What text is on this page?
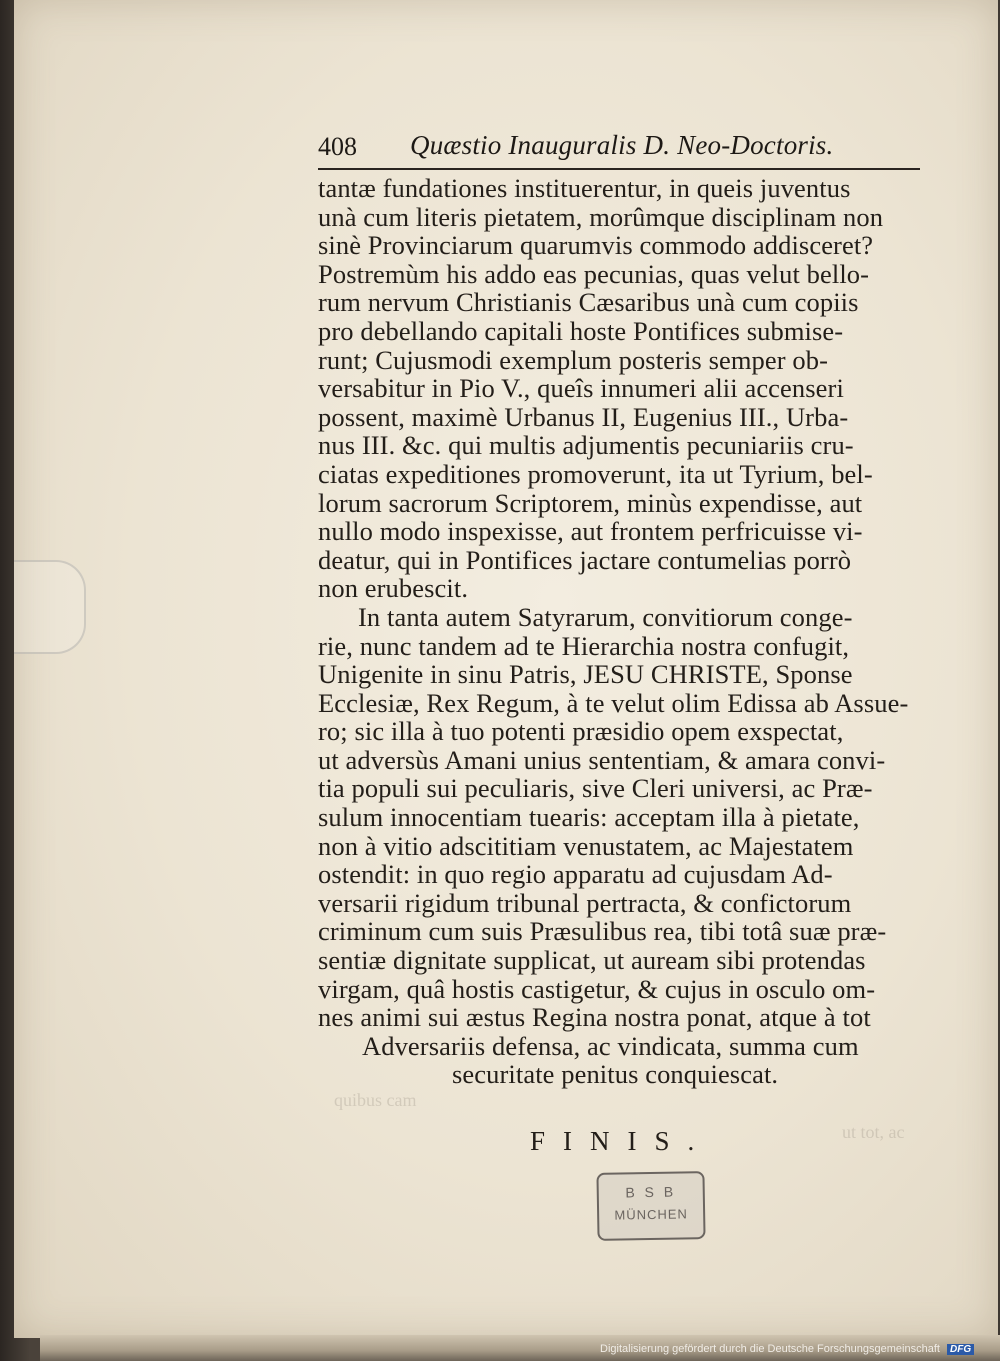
quibus cam
ut tot, ac
408 Quæstio Inauguralis D. Neo-Doctoris.
tantæ fundationes instituerentur, in queis juventus
unà cum literis pietatem, morûmque disciplinam non
sinè Provinciarum quarumvis commodo addisceret?
Postremùm his addo eas pecunias, quas velut bello-
rum nervum Christianis Cæsaribus unà cum copiis
pro debellando capitali hoste Pontifices submise-
runt; Cujusmodi exemplum posteris semper ob-
versabitur in Pio V., queîs innumeri alii accenseri
possent, maximè Urbanus II, Eugenius III., Urba-
nus III. &c. qui multis adjumentis pecuniariis cru-
ciatas expeditiones promoverunt, ita ut Tyrium, bel-
lorum sacrorum Scriptorem, minùs expendisse, aut
nullo modo inspexisse, aut frontem perfricuisse vi-
deatur, qui in Pontifices jactare contumelias porrò
non erubescit.
In tanta autem Satyrarum, convitiorum conge-
rie, nunc tandem ad te Hierarchia nostra confugit,
Unigenite in sinu Patris, JESU CHRISTE, Sponse
Ecclesiæ, Rex Regum, à te velut olim Edissa ab Assue-
ro; sic illa à tuo potenti præsidio opem exspectat,
ut adversùs Amani unius sententiam, & amara convi-
tia populi sui peculiaris, sive Cleri universi, ac Præ-
sulum innocentiam tuearis: acceptam illa à pietate,
non à vitio adscititiam venustatem, ac Majestatem
ostendit: in quo regio apparatu ad cujusdam Ad-
versarii rigidum tribunal pertracta, & confictorum
criminum cum suis Præsulibus rea, tibi totâ suæ præ-
sentiæ dignitate supplicat, ut auream sibi protendas
virgam, quâ hostis castigetur, & cujus in osculo om-
nes animi sui æstus Regina nostra ponat, atque à tot
Adversariis defensa, ac vindicata, summa cum
securitate penitus conquiescat.
FINIS.
B S B
MÜNCHEN
Digitalisierung gefördert durch die Deutsche Forschungsgemeinschaft DFG
